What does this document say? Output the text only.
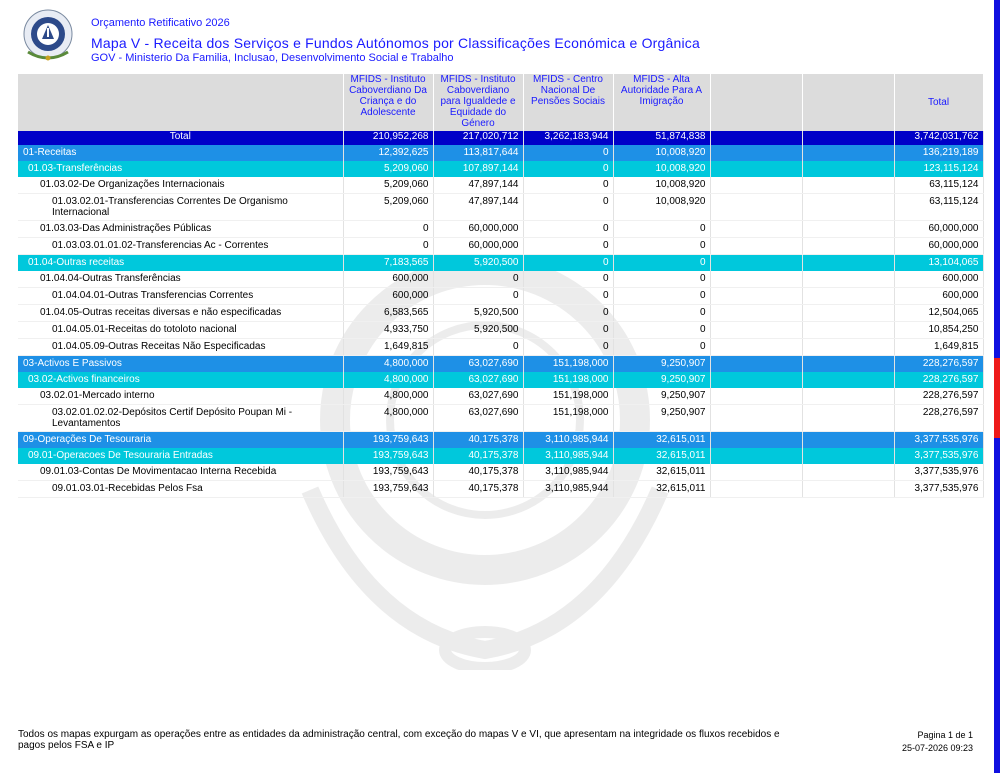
Orçamento Retificativo 2026
Mapa V - Receita dos Serviços e Fundos Autónomos por Classificações Económica e Orgânica
GOV - Ministerio Da Familia, Inclusao, Desenvolvimento Social e Trabalho
	MFIDS - Instituto Caboverdiano Da Criança e do Adolescente	MFIDS - Instituto Caboverdiano para Igualdede e Equidade do Género	MFIDS - Centro Nacional De Pensões Sociais	MFIDS - Alta Autoridade Para A Imigração			Total
Total	210,952,268	217,020,712	3,262,183,944	51,874,838			3,742,031,762
01-Receitas	12,392,625	113,817,644	0	10,008,920			136,219,189
01.03-Transferências	5,209,060	107,897,144	0	10,008,920			123,115,124
01.03.02-De Organizações Internacionais	5,209,060	47,897,144	0	10,008,920			63,115,124
01.03.02.01-Transferencias Correntes De Organismo Internacional	5,209,060	47,897,144	0	10,008,920			63,115,124
01.03.03-Das Administrações Públicas	0	60,000,000	0	0			60,000,000
01.03.03.01.01.02-Transferencias Ac - Correntes	0	60,000,000	0	0			60,000,000
01.04-Outras receitas	7,183,565	5,920,500	0	0			13,104,065
01.04.04-Outras Transferências	600,000	0	0	0			600,000
01.04.04.01-Outras Transferencias Correntes	600,000	0	0	0			600,000
01.04.05-Outras receitas diversas e não especificadas	6,583,565	5,920,500	0	0			12,504,065
01.04.05.01-Receitas do totoloto nacional	4,933,750	5,920,500	0	0			10,854,250
01.04.05.09-Outras Receitas Não Especificadas	1,649,815	0	0	0			1,649,815
03-Activos E Passivos	4,800,000	63,027,690	151,198,000	9,250,907			228,276,597
03.02-Activos financeiros	4,800,000	63,027,690	151,198,000	9,250,907			228,276,597
03.02.01-Mercado interno	4,800,000	63,027,690	151,198,000	9,250,907			228,276,597
03.02.01.02.02-Depósitos Certif Depósito Poupan Mi - Levantamentos	4,800,000	63,027,690	151,198,000	9,250,907			228,276,597
09-Operações De Tesouraria	193,759,643	40,175,378	3,110,985,944	32,615,011			3,377,535,976
09.01-Operacoes De Tesouraria Entradas	193,759,643	40,175,378	3,110,985,944	32,615,011			3,377,535,976
09.01.03-Contas De Movimentacao Interna Recebida	193,759,643	40,175,378	3,110,985,944	32,615,011			3,377,535,976
09.01.03.01-Recebidas Pelos Fsa	193,759,643	40,175,378	3,110,985,944	32,615,011			3,377,535,976
Todos os mapas expurgam as operações entre as entidades da administração central, com exceção do mapas V e VI, que apresentam na integridade os fluxos recebidos e pagos pelos FSA e IP
Pagina 1 de 1
25-07-2026 09:23
